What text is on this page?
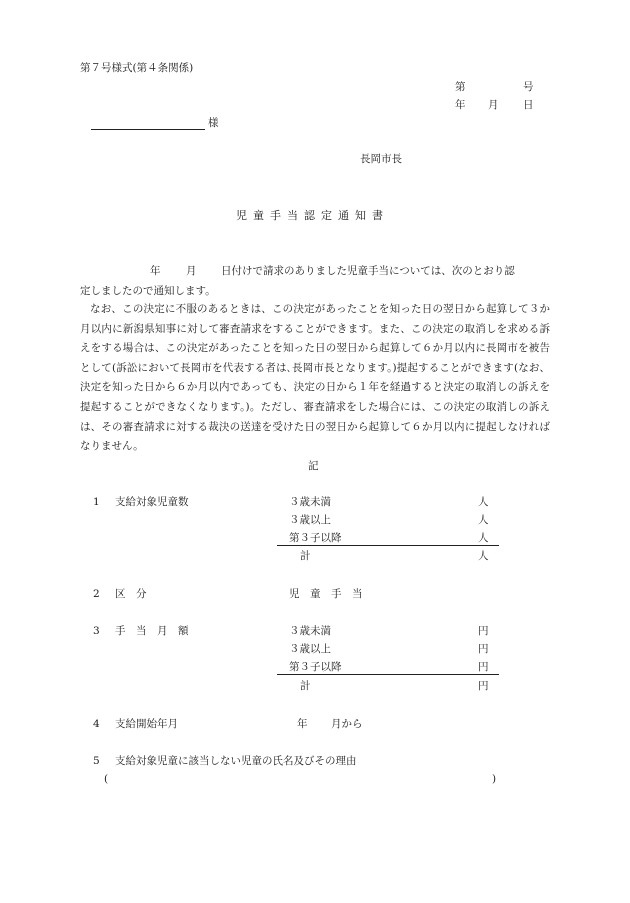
第７号様式(第４条関係)
第	号
年 月 日
様
長岡市長
児童手当認定通知書
年 月 日付けで請求のありました児童手当については、次のとおり認
定しましたので通知します。
なお、この決定に不服のあるときは、この決定があったことを知った日の翌日から起算して３か月以内に新潟県知事に対して審査請求をすることができます。また、この決定の取消しを求める訴えをする場合は、この決定があったことを知った日の翌日から起算して６か月以内に長岡市を被告として(訴訟において長岡市を代表する者は､長岡市長となります。)提起することができます(なお、決定を知った日から６か月以内であっても、決定の日から１年を経過すると決定の取消しの訴えを提起することができなくなります。)。ただし、審査請求をした場合には、この決定の取消しの訴えは、その審査請求に対する裁決の送達を受けた日の翌日から起算して６か月以内に提起しなければなりません。
記
1 支給対象児童数	３歳未満	人
３歳以上	人
第３子以降	人
計	人
2 区　分	児　童　手　当
3 手　当　月　額	３歳未満	円
３歳以上	円
第３子以降	円
計	円
4 支給開始年月	年 月から
5 支給対象児童に該当しない児童の氏名及びその理由
(	)
